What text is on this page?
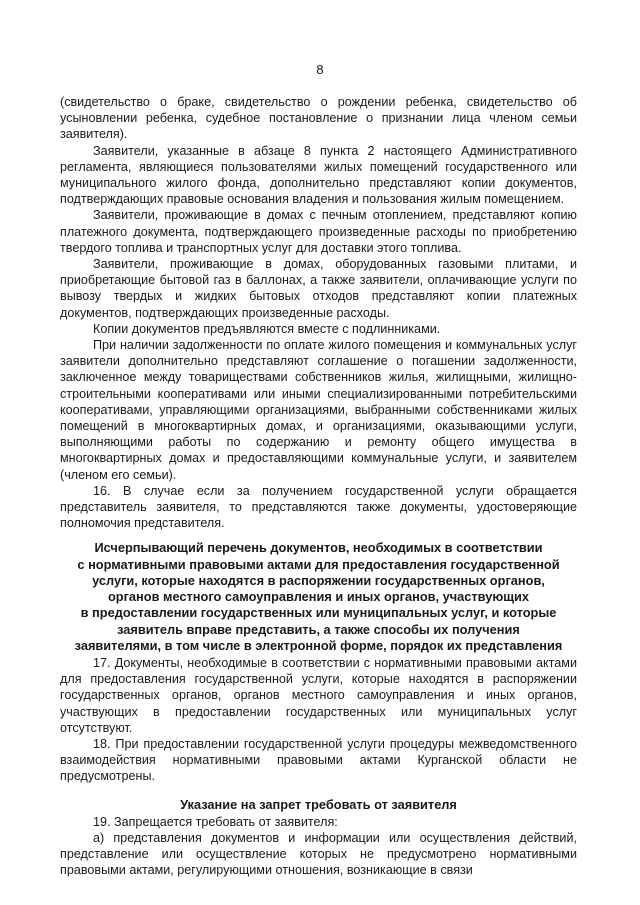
8

(свидетельство о браке, свидетельство о рождении ребенка, свидетельство об усыновлении ребенка, судебное постановление о признании лица членом семьи заявителя).

Заявители, указанные в абзаце 8 пункта 2 настоящего Административного регламента, являющиеся пользователями жилых помещений государственного или муниципального жилого фонда, дополнительно представляют копии документов, подтверждающих правовые основания владения и пользования жилым помещением.

Заявители, проживающие в домах с печным отоплением, представляют копию платежного документа, подтверждающего произведенные расходы по приобретению твердого топлива и транспортных услуг для доставки этого топлива.

Заявители, проживающие в домах, оборудованных газовыми плитами, и приобретающие бытовой газ в баллонах, а также заявители, оплачивающие услуги по вывозу твердых и жидких бытовых отходов представляют копии платежных документов, подтверждающих произведенные расходы.

Копии документов предъявляются вместе с подлинниками.

При наличии задолженности по оплате жилого помещения и коммунальных услуг заявители дополнительно представляют соглашение о погашении задолженности, заключенное между товариществами собственников жилья, жилищными, жилищно-строительными кооперативами или иными специализированными потребительскими кооперативами, управляющими организациями, выбранными собственниками жилых помещений в многоквартирных домах, и организациями, оказывающими услуги, выполняющими работы по содержанию и ремонту общего имущества в многоквартирных домах и предоставляющими коммунальные услуги, и заявителем (членом его семьи).

16. В случае если за получением государственной услуги обращается представитель заявителя, то представляются также документы, удостоверяющие полномочия представителя.

Исчерпывающий перечень документов, необходимых в соответствии
с нормативными правовыми актами для предоставления государственной
услуги, которые находятся в распоряжении государственных органов,
органов местного самоуправления и иных органов, участвующих
в предоставлении государственных или муниципальных услуг, и которые
заявитель вправе представить, а также способы их получения
заявителями, в том числе в электронной форме, порядок их представления

17. Документы, необходимые в соответствии с нормативными правовыми актами для предоставления государственной услуги, которые находятся в распоряжении государственных органов, органов местного самоуправления и иных органов, участвующих в предоставлении государственных или муниципальных услуг отсутствуют.

18. При предоставлении государственной услуги процедуры межведомственного взаимодействия нормативными правовыми актами Курганской области не предусмотрены.

Указание на запрет требовать от заявителя

19. Запрещается требовать от заявителя:

а) представления документов и информации или осуществления действий, представление или осуществление которых не предусмотрено нормативными правовыми актами, регулирующими отношения, возникающие в связи
